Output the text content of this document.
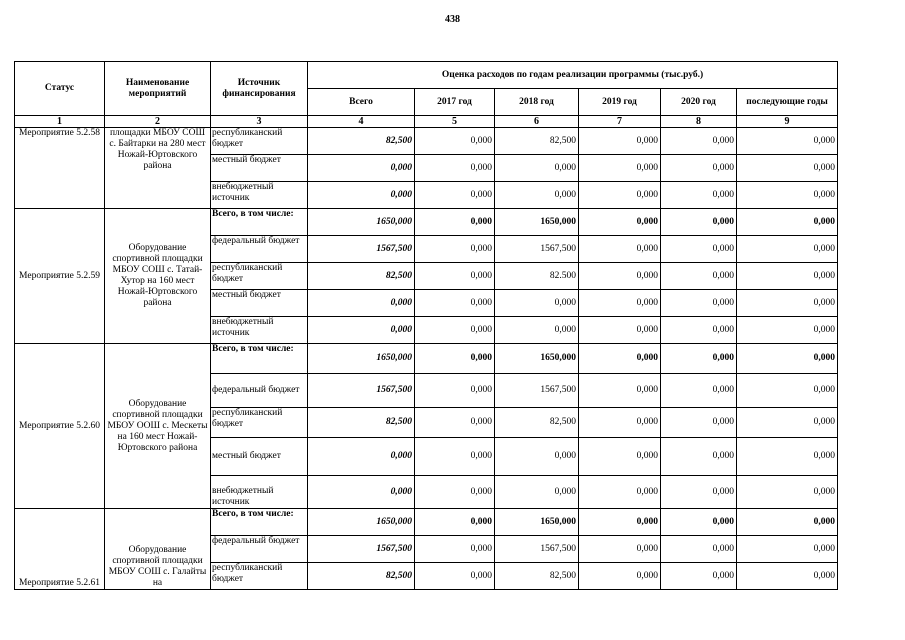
438
Статус	Наименование мероприятий	Источник финансирования	Оценка расходов по годам реализации программы (тыс.руб.)					
			Всего	2017 год	2018 год	2019 год	2020 год	последующие годы
1	2	3	4	5	6	7	8	9
Мероприятие 5.2.58	площадки МБОУ СОШ с. Байтарки на 280 мест Ножай-Юртовского района	республиканский бюджет	82,500	0,000	82,500	0,000	0,000	0,000
		местный бюджет	0,000	0,000	0,000	0,000	0,000	0,000
		внебюджетный источник	0,000	0,000	0,000	0,000	0,000	0,000
Мероприятие 5.2.59	Оборудование спортивной площадки МБОУ СОШ с. Татай-Хутор на 160 мест Ножай-Юртовского района	Всего, в том числе:	1650,000	0,000	1650,000	0,000	0,000	0,000
		федеральный бюджет	1567,500	0,000	1567,500	0,000	0,000	0,000
		республиканский бюджет	82,500	0,000	82.500	0,000	0,000	0,000
		местный бюджет	0,000	0,000	0,000	0,000	0,000	0,000
		внебюджетный источник	0,000	0,000	0,000	0,000	0,000	0,000
Мероприятие 5.2.60	Оборудование спортивной площадки МБОУ ООШ с. Мескеты на 160 мест Ножай-Юртовского района	Всего, в том числе:	1650,000	0,000	1650,000	0,000	0,000	0,000
		федеральный бюджет	1567,500	0,000	1567,500	0,000	0,000	0,000
		республиканский бюджет	82,500	0,000	82,500	0,000	0,000	0,000
		местный бюджет	0,000	0,000	0,000	0,000	0,000	0,000
		внебюджетный источник	0,000	0,000	0,000	0,000	0,000	0,000
Мероприятие 5.2.61	Оборудование спортивной площадки МБОУ СОШ с. Галайты на	Всего, в том числе:	1650,000	0,000	1650,000	0,000	0,000	0,000
		федеральный бюджет	1567,500	0,000	1567,500	0,000	0,000	0,000
		республиканский бюджет	82,500	0,000	82,500	0,000	0,000	0,000
